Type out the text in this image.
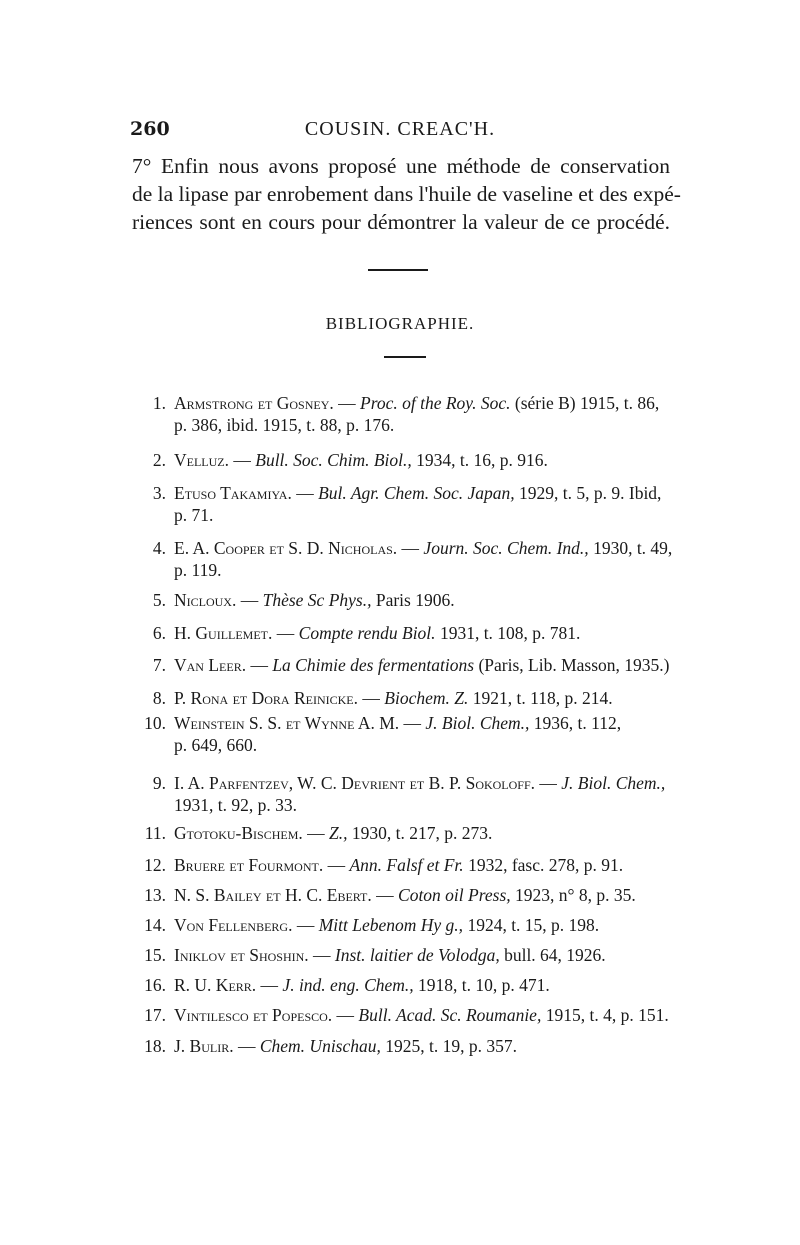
260	COUSIN. CREAC'H.
7° Enfin nous avons proposé une méthode de conservation
de la lipase par enrobement dans l'huile de vaseline et des expé-
riences sont en cours pour démontrer la valeur de ce procédé.
BIBLIOGRAPHIE.
1. Armstrong et Gosney. — Proc. of the Roy. Soc. (série B) 1915, t. 86,
p. 386, ibid. 1915, t. 88, p. 176.
2. Velluz. — Bull. Soc. Chim. Biol., 1934, t. 16, p. 916.
3. Etuso Takamiya. — Bul. Agr. Chem. Soc. Japan, 1929, t. 5, p. 9. Ibid,
p. 71.
4. E. A. Cooper et S. D. Nicholas. — Journ. Soc. Chem. Ind., 1930, t. 49,
p. 119.
5. Nicloux. — Thèse Sc Phys., Paris 1906.
6. H. Guillemet. — Compte rendu Biol. 1931, t. 108, p. 781.
7. Van Leer. — La Chimie des fermentations (Paris, Lib. Masson, 1935.)
8. P. Rona et Dora Reinicke. — Biochem. Z. 1921, t. 118, p. 214.
10. Weinstein S. S. et Wynne A. M. — J. Biol. Chem., 1936, t. 112,
p. 649, 660.
9. I. A. Parfentzev, W. C. Devrient et B. P. Sokoloff. — J. Biol. Chem.,
1931, t. 92, p. 33.
11. Gtotoku-Bischem. — Z., 1930, t. 217, p. 273.
12. Bruere et Fourmont. — Ann. Falsf et Fr. 1932, fasc. 278, p. 91.
13. N. S. Bailey et H. C. Ebert. — Coton oil Press, 1923, n° 8, p. 35.
14. Von Fellenberg. — Mitt Lebenom Hy g., 1924, t. 15, p. 198.
15. Iniklov et Shoshin. — Inst. laitier de Volodga, bull. 64, 1926.
16. R. U. Kerr. — J. ind. eng. Chem., 1918, t. 10, p. 471.
17. Vintilesco et Popesco. — Bull. Acad. Sc. Roumanie, 1915, t. 4, p. 151.
18. J. Bulir. — Chem. Unischau, 1925, t. 19, p. 357.
